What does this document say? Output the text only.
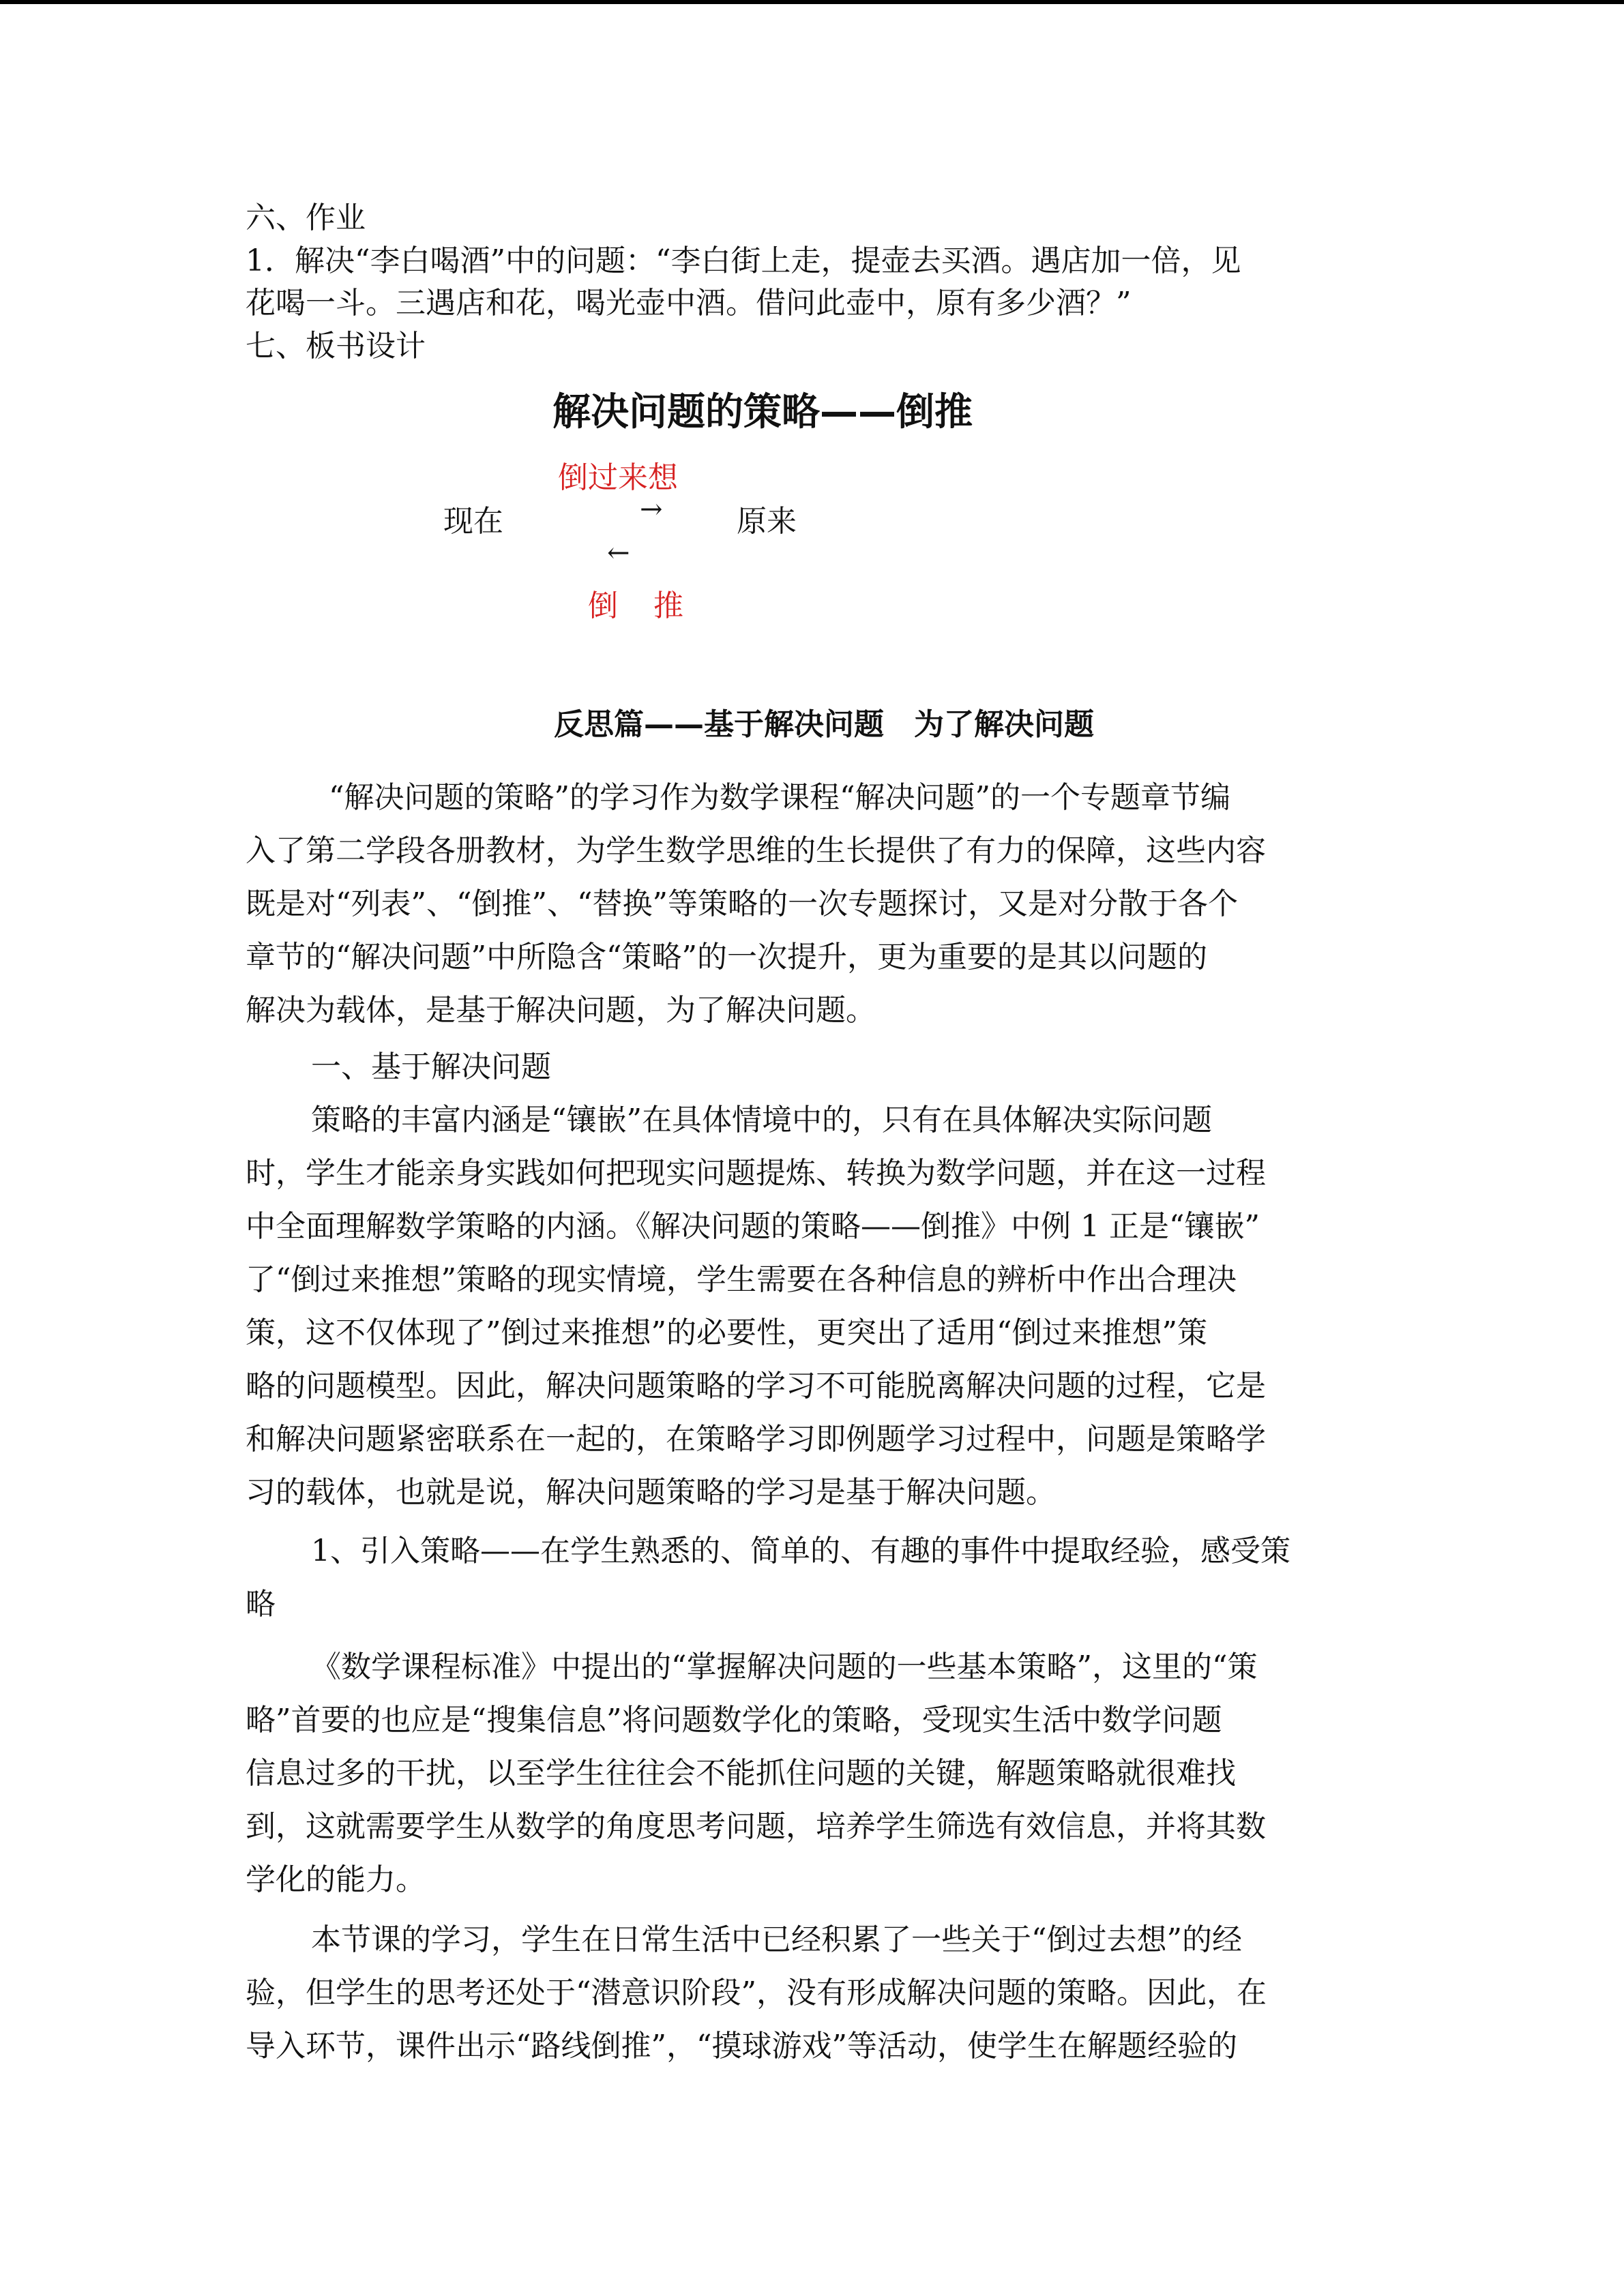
六、作业
1．解决“李白喝酒”中的问题：“李白街上走，提壶去买酒。遇店加一倍，见
花喝一斗。三遇店和花，喝光壶中酒。借问此壶中，原有多少酒？”
七、板书设计
解决问题的策略——倒推
倒过来想
现在	→ 原来
←
倒 推
反思篇——基于解决问题　为了解决问题
“解决问题的策略”的学习作为数学课程“解决问题”的一个专题章节编
入了第二学段各册教材，为学生数学思维的生长提供了有力的保障，这些内容
既是对“列表”、“倒推”、“替换”等策略的一次专题探讨，又是对分散于各个
章节的“解决问题”中所隐含“策略”的一次提升，更为重要的是其以问题的
解决为载体，是基于解决问题，为了解决问题。
一、基于解决问题
策略的丰富内涵是“镶嵌”在具体情境中的，只有在具体解决实际问题
时，学生才能亲身实践如何把现实问题提炼、转换为数学问题，并在这一过程
中全面理解数学策略的内涵。《解决问题的策略——倒推》中例 1 正是“镶嵌”
了“倒过来推想”策略的现实情境，学生需要在各种信息的辨析中作出合理决
策，这不仅体现了”倒过来推想”的必要性，更突出了适用“倒过来推想”策
略的问题模型。因此，解决问题策略的学习不可能脱离解决问题的过程，它是
和解决问题紧密联系在一起的，在策略学习即例题学习过程中，问题是策略学
习的载体，也就是说，解决问题策略的学习是基于解决问题。
1、引入策略——在学生熟悉的、简单的、有趣的事件中提取经验，感受策
略
《数学课程标准》中提出的“掌握解决问题的一些基本策略”，这里的“策
略”首要的也应是“搜集信息”将问题数学化的策略，受现实生活中数学问题
信息过多的干扰，以至学生往往会不能抓住问题的关键，解题策略就很难找
到，这就需要学生从数学的角度思考问题，培养学生筛选有效信息，并将其数
学化的能力。
本节课的学习，学生在日常生活中已经积累了一些关于“倒过去想”的经
验，但学生的思考还处于“潜意识阶段”，没有形成解决问题的策略。因此，在
导入环节，课件出示“路线倒推”，“摸球游戏”等活动，使学生在解题经验的
